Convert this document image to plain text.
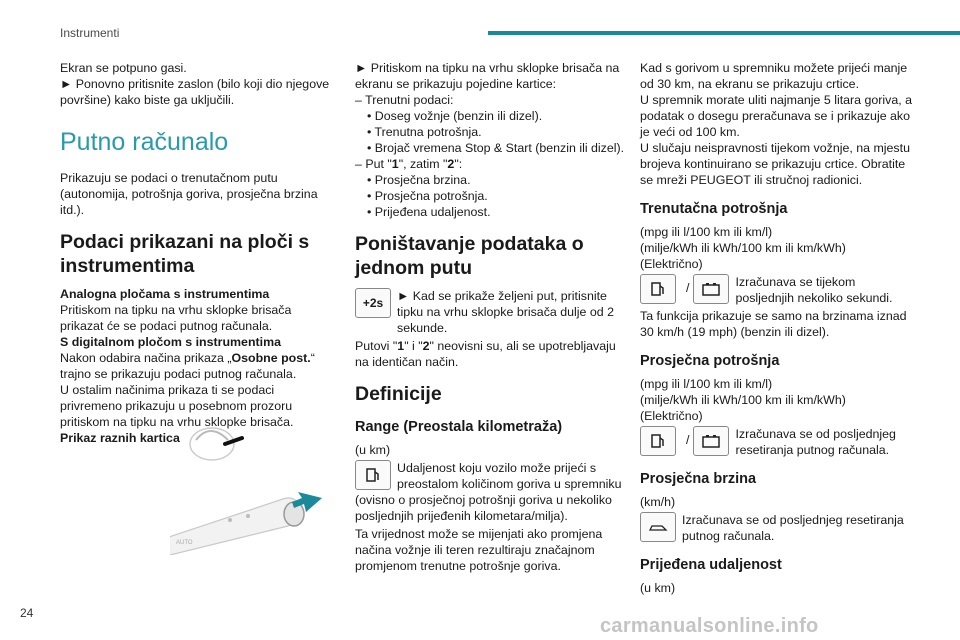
Instrumenti

Ekran se potpuno gasi.

► Ponovno pritisnite zaslon (bilo koji dio njegove površine) kako biste ga uključili.

Putno računalo

Prikazuju se podaci o trenutačnom putu (autonomija, potrošnja goriva, prosječna brzina itd.).

Podaci prikazani na ploči s instrumentima

Analogna pločama s instrumentima

Pritiskom na tipku na vrhu sklopke brisača prikazat će se podaci putnog računala.

S digitalnom pločom s instrumentima

Nakon odabira načina prikaza „Osobne post.“ trajno se prikazuju podaci putnog računala.

U ostalim načinima prikaza ti se podaci privremeno prikazuju u posebnom prozoru pritiskom na tipku na vrhu sklopke brisača.

Prikaz raznih kartica

AUTO

► Pritiskom na tipku na vrhu sklopke brisača na ekranu se prikazuju pojedine kartice:

– Trenutni podaci:

• Doseg vožnje (benzin ili dizel).

• Trenutna potrošnja.

• Brojač vremena Stop & Start (benzin ili dizel).

– Put "1", zatim "2":

• Prosječna brzina.

• Prosječna potrošnja.

• Prijeđena udaljenost.

Poništavanje podataka o jednom putu
+2s	► Kad se prikaže željeni put, pritisnite tipku na vrhu sklopke brisača dulje od 2 sekunde.

Putovi "1" i "2" neovisni su, ali se upotrebljavaju na identičan način.

Definicije
Range (Preostala kilometraža)

(u km)

Udaljenost koju vozilo može prijeći s preostalom količinom goriva u spremniku (ovisno o prosječnoj potrošnji goriva u nekoliko posljednjih prijeđenih kilometara/milja).

Ta vrijednost može se mijenjati ako promjena načina vožnje ili teren rezultiraju značajnom promjenom trenutne potrošnje goriva.

Kad s gorivom u spremniku možete prijeći manje od 30 km, na ekranu se prikazuju crtice.

U spremnik morate uliti najmanje 5 litara goriva, a podatak o dosegu preračunava se i prikazuje ako je veći od 100 km.

U slučaju neispravnosti tijekom vožnje, na mjestu brojeva kontinuirano se prikazuju crtice. Obratite se mreži PEUGEOT ili stručnoj radionici.

Trenutačna potrošnja

(mpg ili l/100 km ili km/l)

(milje/kWh ili kWh/100 km ili km/kWh)

(Električno)

/	Izračunava se tijekom posljednjih nekoliko sekundi.

Ta funkcija prikazuje se samo na brzinama iznad 30 km/h (19 mph) (benzin ili dizel).

Prosječna potrošnja

(mpg ili l/100 km ili km/l)

(milje/kWh ili kWh/100 km ili km/kWh)

(Električno)

/	Izračunava se od posljednjeg resetiranja putnog računala.
Prosječna brzina

(km/h)

Izračunava se od posljednjeg resetiranja putnog računala.
Prijeđena udaljenost

(u km)

24
carmanualsonline.info
